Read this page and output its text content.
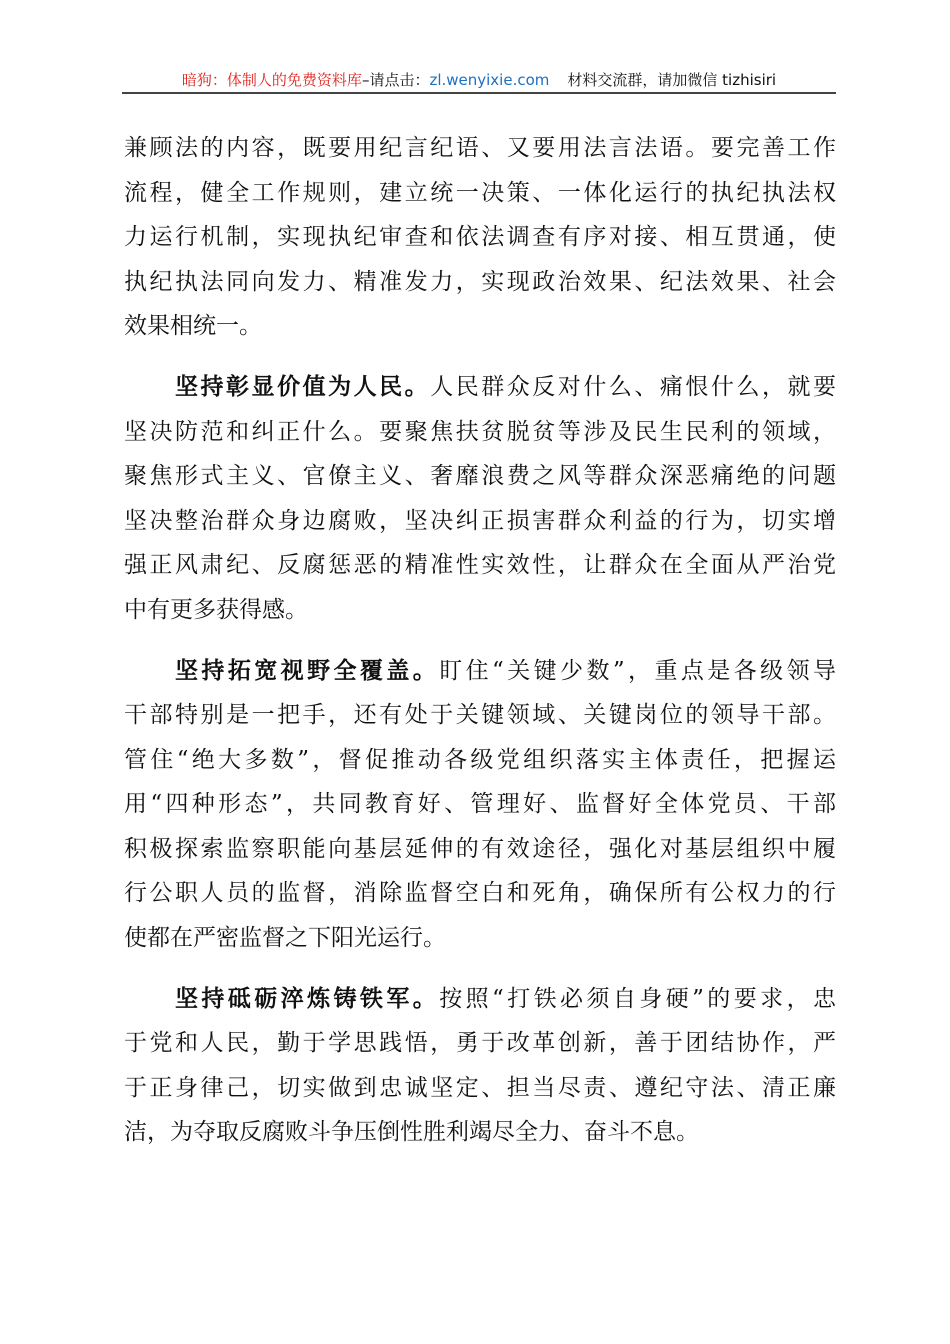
暗狗：体制人的免费资料库–请点击：zl.wenyixie.com 材料交流群，请加微信 tizhisiri
兼顾法的内容，既要用纪言纪语、又要用法言法语。要完善工作
流程，健全工作规则，建立统一决策、一体化运行的执纪执法权
力运行机制，实现执纪审查和依法调查有序对接、相互贯通，使
执纪执法同向发力、精准发力，实现政治效果、纪法效果、社会
效果相统一。
坚持彰显价值为人民。人民群众反对什么、痛恨什么，就要
坚决防范和纠正什么。要聚焦扶贫脱贫等涉及民生民利的领域，
聚焦形式主义、官僚主义、奢靡浪费之风等群众深恶痛绝的问题
坚决整治群众身边腐败，坚决纠正损害群众利益的行为，切实增
强正风肃纪、反腐惩恶的精准性实效性，让群众在全面从严治党
中有更多获得感。
坚持拓宽视野全覆盖。盯住“关键少数”，重点是各级领导
干部特别是一把手，还有处于关键领域、关键岗位的领导干部。
管住“绝大多数”，督促推动各级党组织落实主体责任，把握运
用“四种形态”，共同教育好、管理好、监督好全体党员、干部
积极探索监察职能向基层延伸的有效途径，强化对基层组织中履
行公职人员的监督，消除监督空白和死角，确保所有公权力的行
使都在严密监督之下阳光运行。
坚持砥砺淬炼铸铁军。按照“打铁必须自身硬”的要求，忠
于党和人民，勤于学思践悟，勇于改革创新，善于团结协作，严
于正身律己，切实做到忠诚坚定、担当尽责、遵纪守法、清正廉
洁，为夺取反腐败斗争压倒性胜利竭尽全力、奋斗不息。
